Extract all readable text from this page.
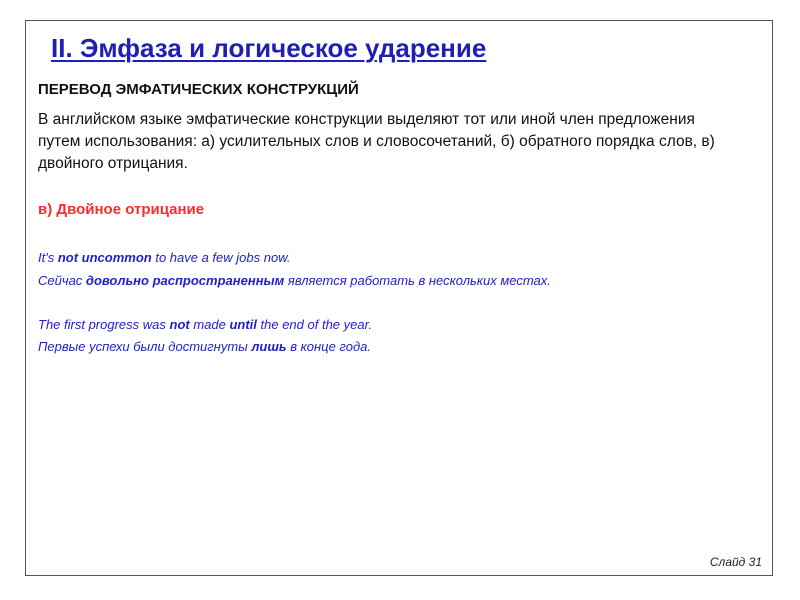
II. Эмфаза и логическое ударение
ПЕРЕВОД ЭМФАТИЧЕСКИХ КОНСТРУКЦИЙ
В английском языке эмфатические конструкции выделяют тот или иной член предложения путем использования: а) усилительных слов и словосочетаний, б) обратного порядка слов, в) двойного отрицания.
в) Двойное отрицание
It's not uncommon to have a few jobs now.
Сейчас довольно распространенным является работать в нескольких местах.
The first progress was not made until the end of the year.
Первые успехи были достигнуты лишь в конце года.
Слайд 31
